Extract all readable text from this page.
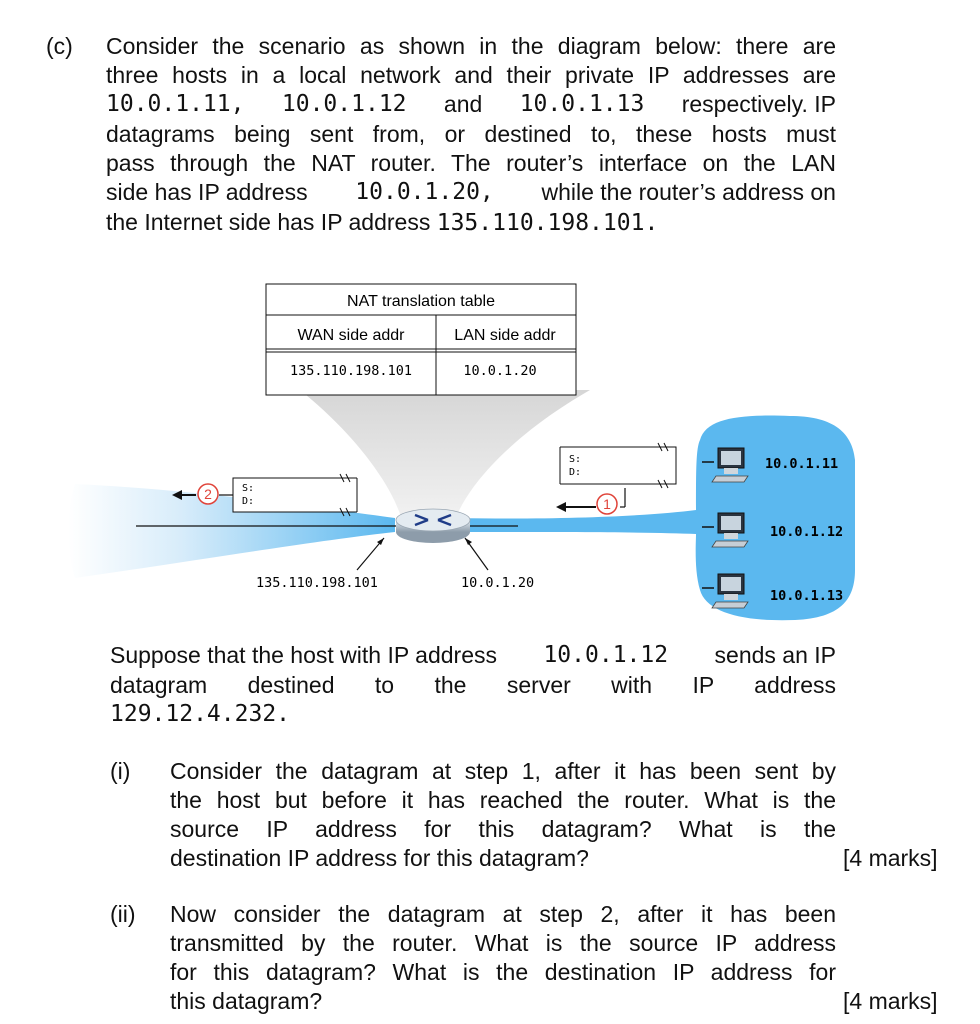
(c) Consider the scenario as shown in the diagram below: there are
three hosts in a local network and their private IP addresses are
10.0.1.11, 10.0.1.12 and 10.0.1.13 respectively. IP
datagrams being sent from, or destined to, these hosts must
pass through the NAT router. The router’s interface on the LAN
side has IP address 10.0.1.20, while the router’s address on
the Internet side has IP address 135.110.198.101.
NAT translation table
WAN side addr	LAN side addr
135.110.198.101	10.0.1.20
135.110.198.101	10.0.1.20
S:
D:
1
S:
D:
2
10.0.1.11
10.0.1.12
10.0.1.13
Suppose that the host with IP address 10.0.1.12 sends an IP
datagram destined to the server with IP address
129.12.4.232.
(i) Consider the datagram at step 1, after it has been sent by
the host but before it has reached the router. What is the
source IP address for this datagram? What is the
destination IP address for this datagram?	[4 marks]
(ii) Now consider the datagram at step 2, after it has been
transmitted by the router. What is the source IP address
for this datagram? What is the destination IP address for
this datagram?	[4 marks]
